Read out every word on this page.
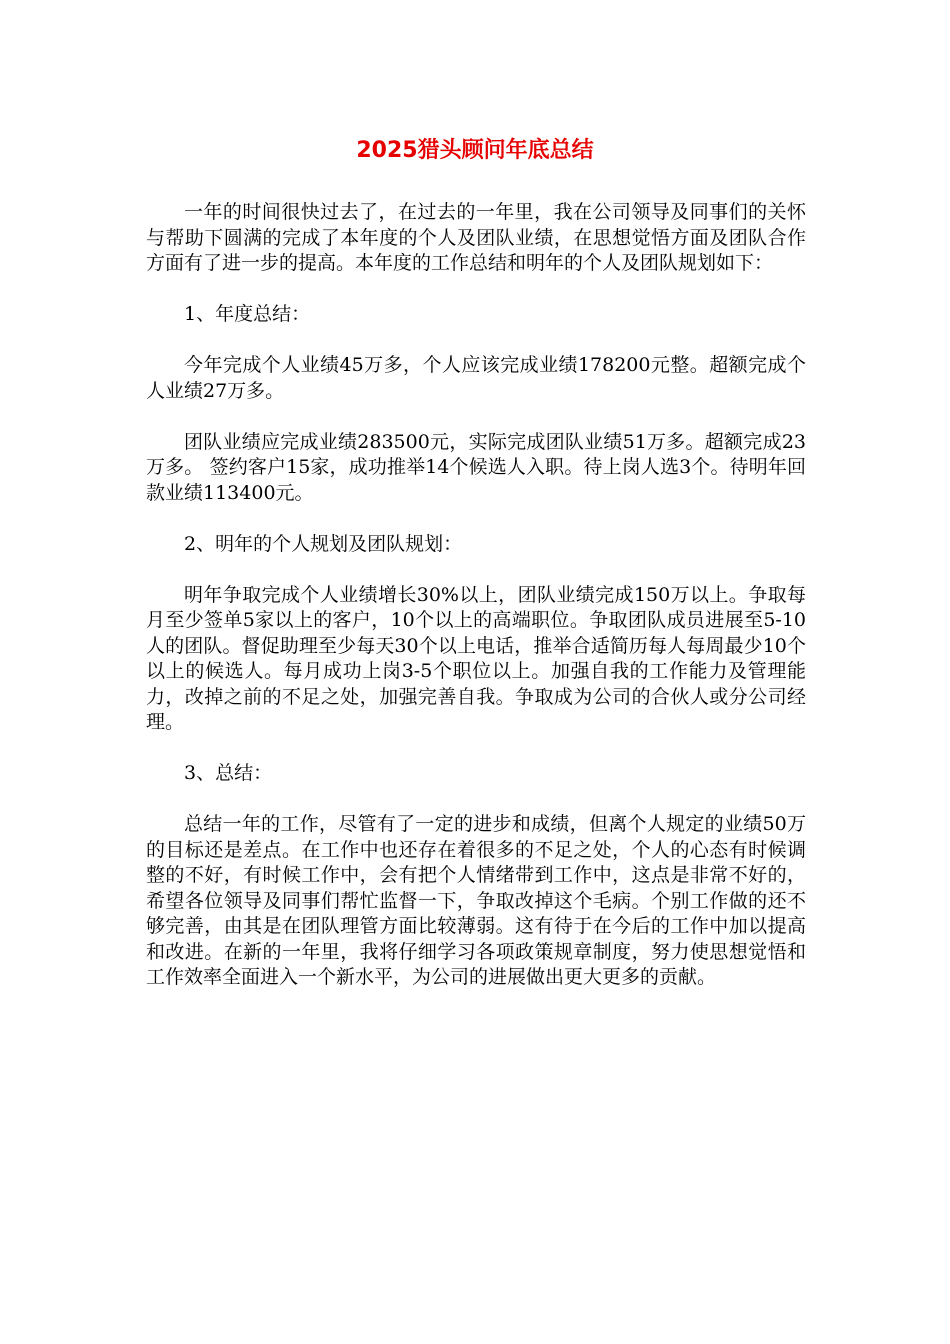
2025猎头顾问年底总结

一年的时间很快过去了，在过去的一年里，我在公司领导及同事们的关怀与帮助下圆满的完成了本年度的个人及团队业绩，在思想觉悟方面及团队合作方面有了进一步的提高。本年度的工作总结和明年的个人及团队规划如下：

1、年度总结：

今年完成个人业绩45万多，个人应该完成业绩178200元整。超额完成个人业绩27万多。

团队业绩应完成业绩283500元，实际完成团队业绩51万多。超额完成23万多。 签约客户15家，成功推举14个候选人入职。待上岗人选3个。待明年回款业绩113400元。

2、明年的个人规划及团队规划：

明年争取完成个人业绩增长30%以上，团队业绩完成150万以上。争取每月至少签单5家以上的客户，10个以上的高端职位。争取团队成员进展至5-10人的团队。督促助理至少每天30个以上电话，推举合适简历每人每周最少10个以上的候选人。每月成功上岗3-5个职位以上。加强自我的工作能力及管理能力，改掉之前的不足之处，加强完善自我。争取成为公司的合伙人或分公司经理。

3、总结：

总结一年的工作，尽管有了一定的进步和成绩，但离个人规定的业绩50万的目标还是差点。在工作中也还存在着很多的不足之处，个人的心态有时候调整的不好，有时候工作中，会有把个人情绪带到工作中，这点是非常不好的，希望各位领导及同事们帮忙监督一下，争取改掉这个毛病。个别工作做的还不够完善，由其是在团队理管方面比较薄弱。这有待于在今后的工作中加以提高和改进。在新的一年里，我将仔细学习各项政策规章制度，努力使思想觉悟和工作效率全面进入一个新水平，为公司的进展做出更大更多的贡献。
